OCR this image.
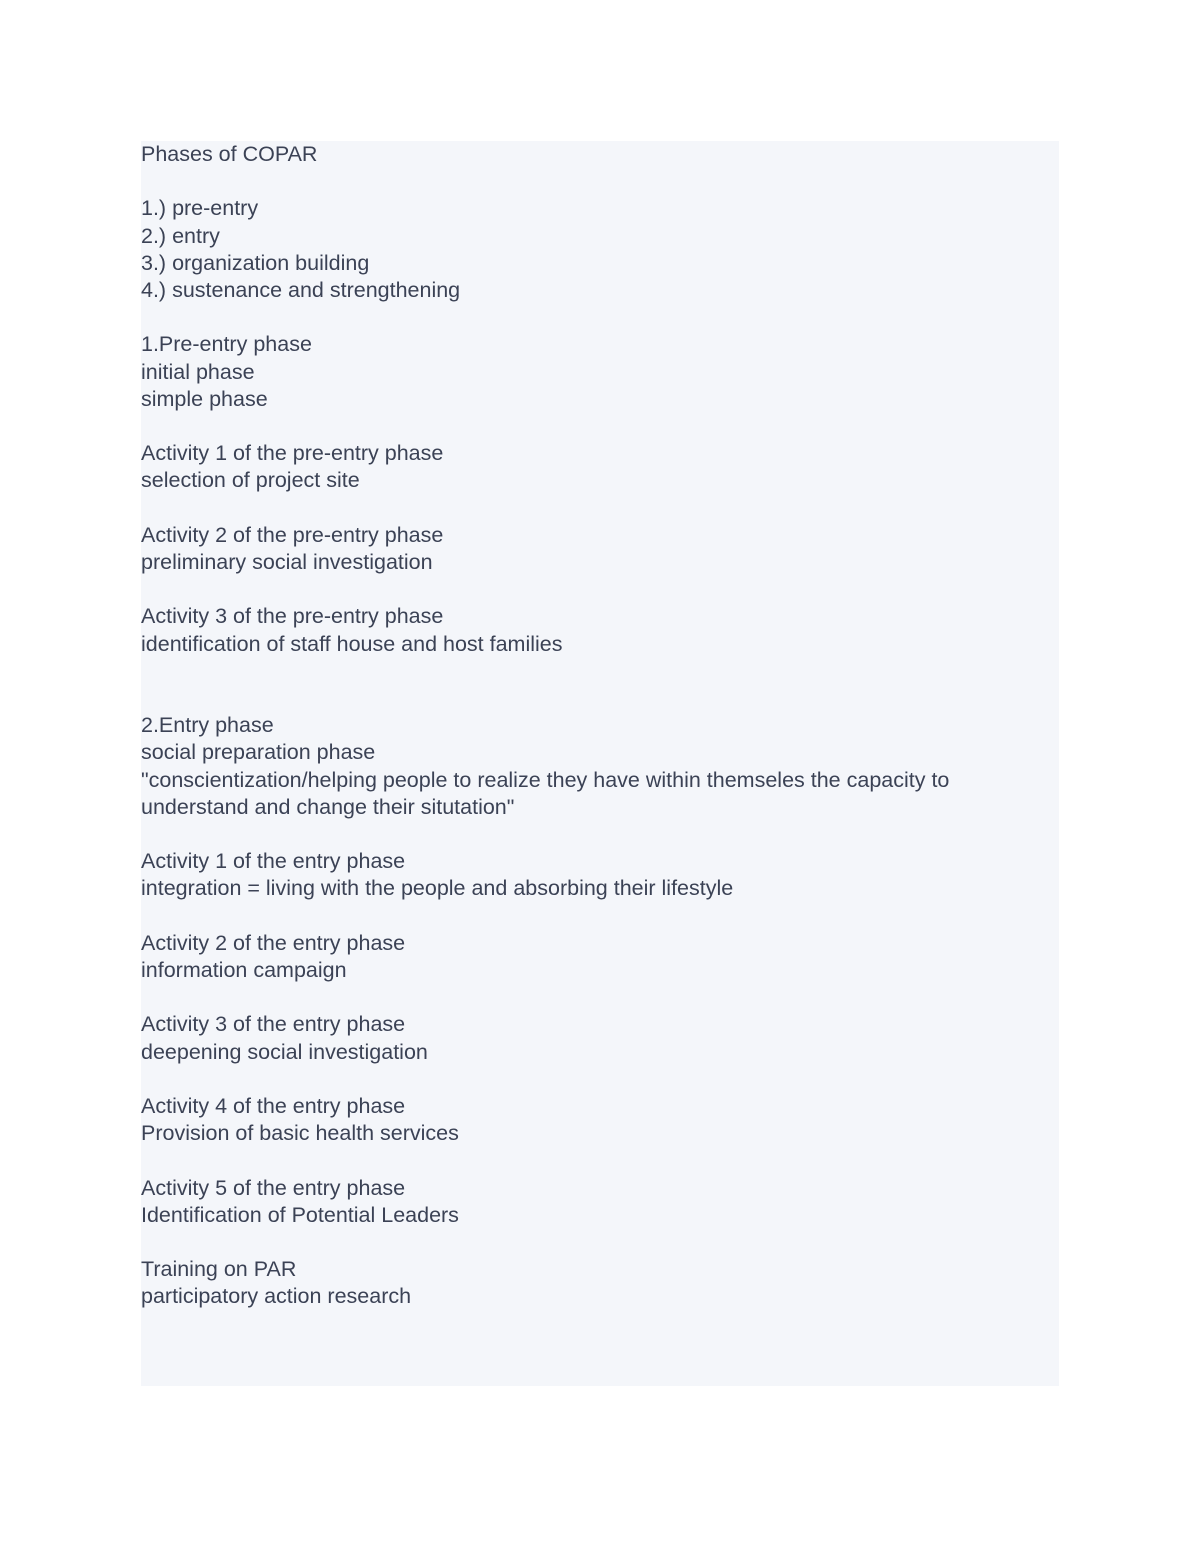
Phases of COPAR
1.) pre-entry
2.) entry
3.) organization building
4.) sustenance and strengthening
1.Pre-entry phase
initial phase
simple phase
Activity 1 of the pre-entry phase
selection of project site
Activity 2 of the pre-entry phase
preliminary social investigation
Activity 3 of the pre-entry phase
identification of staff house and host families
2.Entry phase
social preparation phase
"conscientization/helping people to realize they have within themseles the capacity to
understand and change their situtation"
Activity 1 of the entry phase
integration = living with the people and absorbing their lifestyle
Activity 2 of the entry phase
information campaign
Activity 3 of the entry phase
deepening social investigation
Activity 4 of the entry phase
Provision of basic health services
Activity 5 of the entry phase
Identification of Potential Leaders
Training on PAR
participatory action research
